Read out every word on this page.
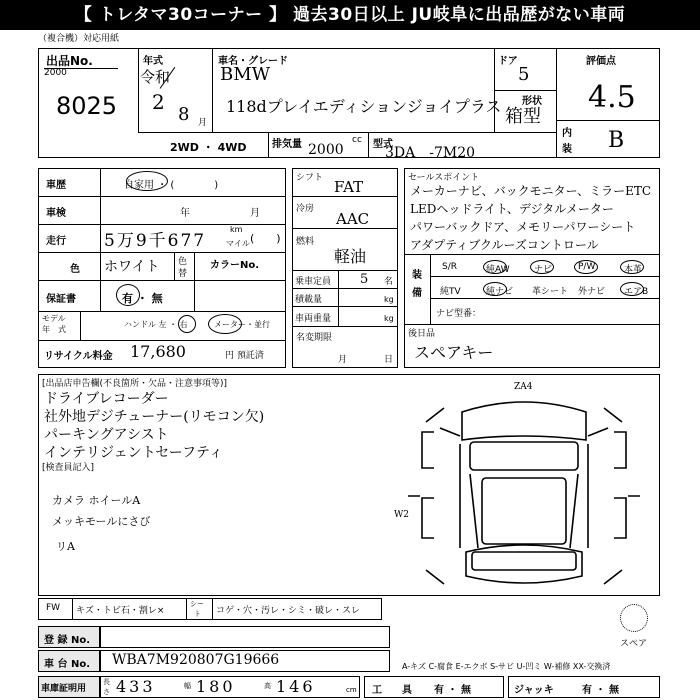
【 トレタマ30コーナー 】 過去30日以上 JU岐阜に出品歴がない車両
（複合機）対応用紙
出品No.
2000
8025
年式
令和
2
8 月
車名・グレード
BMW
118dプレイエディションジョイプラス
ドア
5
形状
箱型
評価点
4.5
内
装 B
2WD ・ 4WD	排気量	cc
2000	型式
3DA　-7M20
車歴	自家用 ・ (　　　　)
車検	年	月
走行 5万9千677
km
マイル (　　)
色 ホワイト 色
替
カラーNo.
保証書	有 ・ 無
モデル
年　式
ハンドル 左 ・ 右	メーター・並行
リサイクル料金 17,680	円 預託済
シフト FAT
冷房
AAC
燃料
軽油
乗車定員 5 名
積載量	kg
車両重量	kg
名変期限
月	日
セールスポイント
メーカーナビ、バックモニター、ミラーETC
LEDヘッドライト、デジタルメーター
パワーバックドア、メモリーパワーシート
アダプティブクルーズコントロール
装
備
S/R	純AW	ナビ	P/W	本革
純TV	純ナビ 革シート 外ナビ エアB
ナビ型番：
後日品
スペアキー
[出品店申告欄(不良箇所・欠品・注意事項等)]
ドライブレコーダー
社外地デジチューナー(リモコン欠)
パーキングアシスト
インテリジェントセーフティ
[検査員記入]
カメラ ホイールA
メッキモールにさび
リA
ZA4
W2
スペア
FW キズ・トビ石・割レ×
シー
ト コゲ・穴・汚レ・シミ・破レ・スレ
登 録 No.
車 台 No. WBA7M920807G19666	A-キズ C-腐食 E-エクボ S-サビ U-凹ミ W-補修 XX-交換済
車庫証明用
長
さ 433	幅 180	高 146	cm 工　　具 有 ・ 無	ジャッキ	有 ・ 無
